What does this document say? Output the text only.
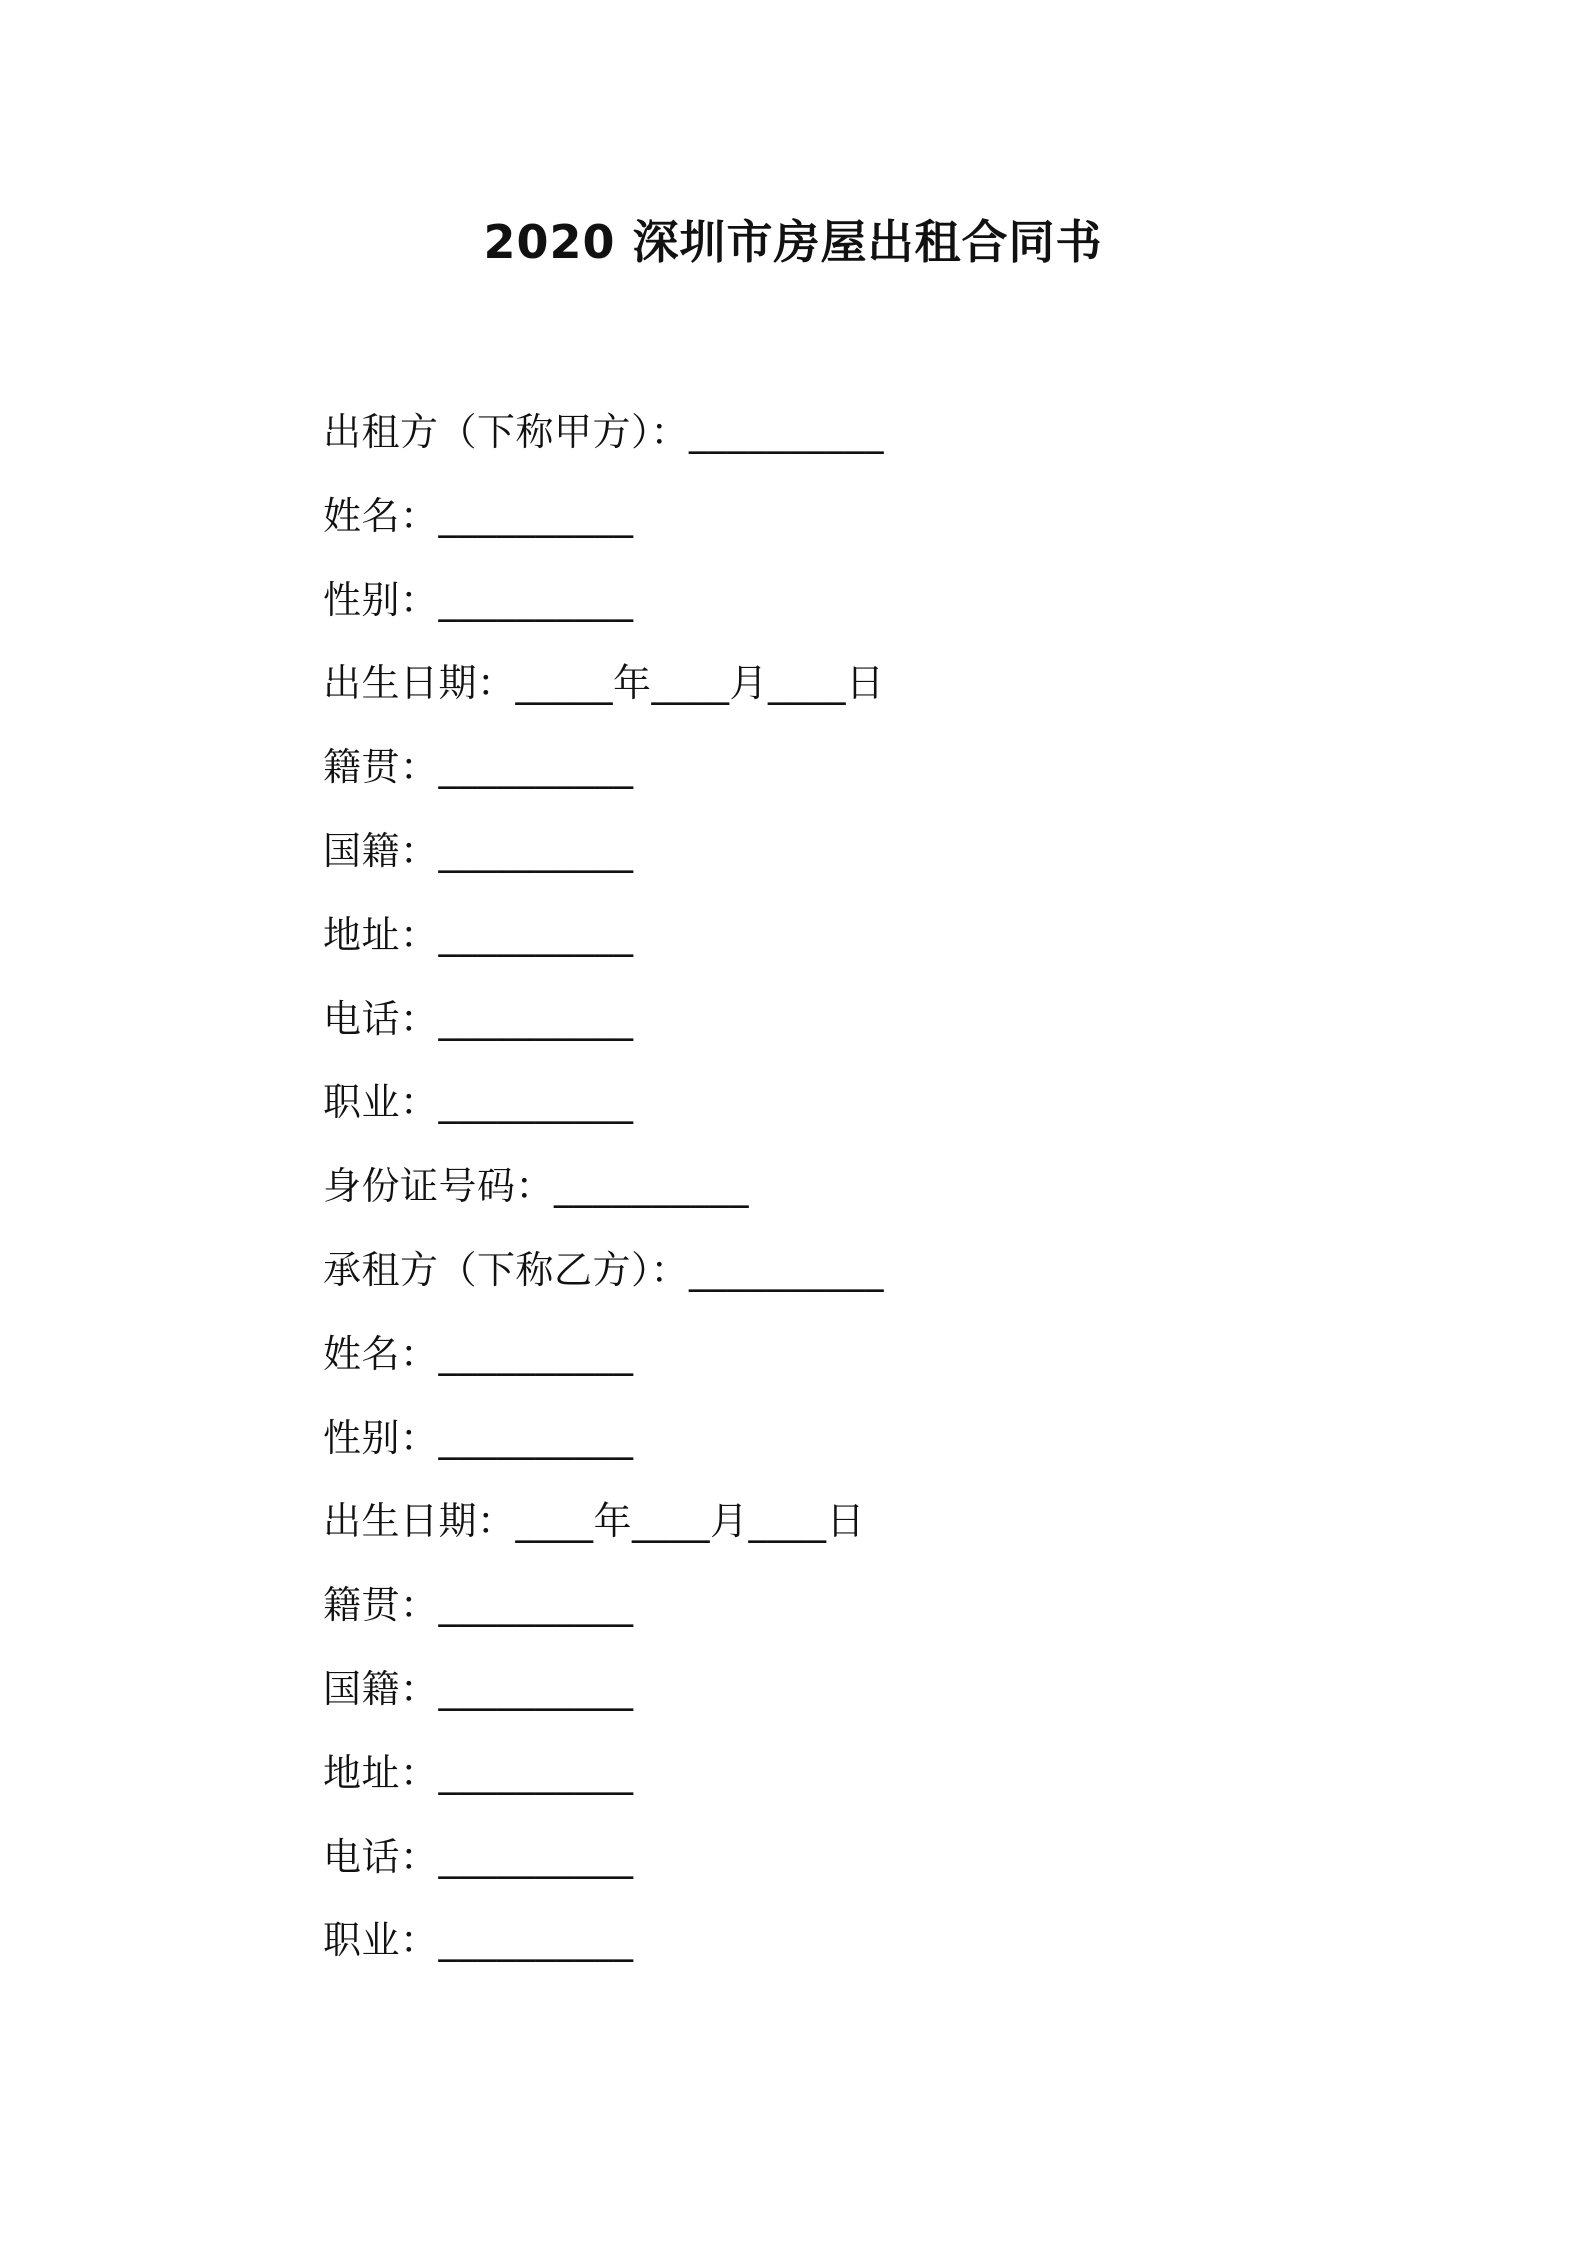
2020 深圳市房屋出租合同书
出租方（下称甲方）：__________
姓名：__________
性别：__________
出生日期：_____年____月____日
籍贯：__________
国籍：__________
地址：__________
电话：__________
职业：__________
身份证号码：__________
承租方（下称乙方）：__________
姓名：__________
性别：__________
出生日期：____年____月____日
籍贯：__________
国籍：__________
地址：__________
电话：__________
职业：__________
